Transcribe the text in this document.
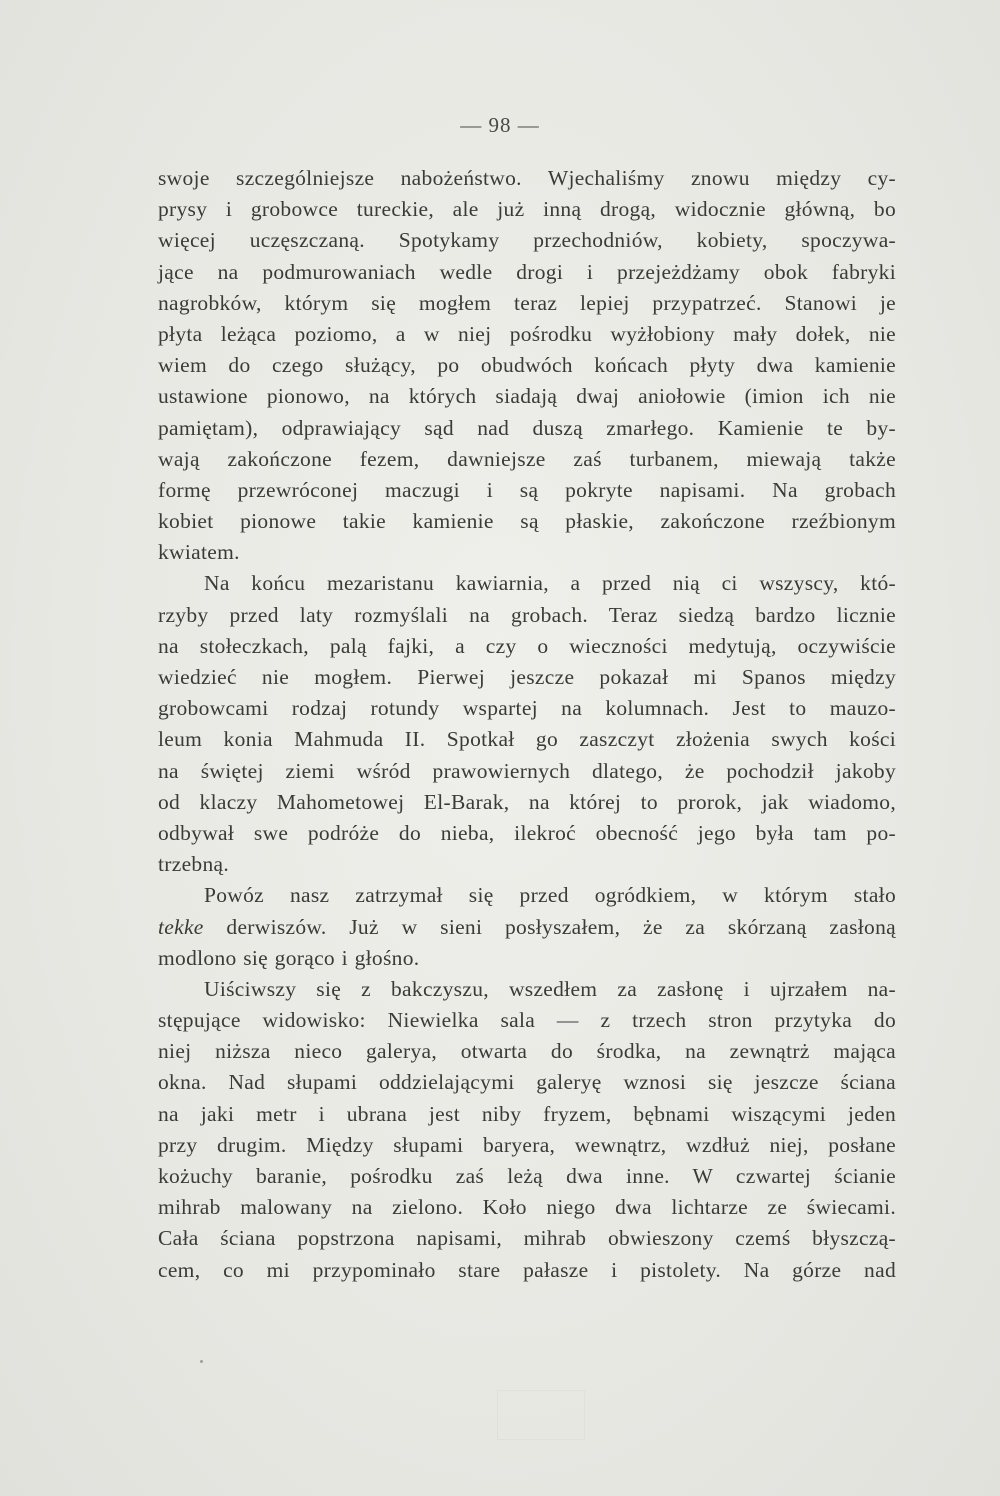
— 98 —
swoje szczególniejsze nabożeństwo. Wjechaliśmy znowu między cy-
prysy i grobowce tureckie, ale już inną drogą, widocznie główną, bo
więcej uczęszczaną. Spotykamy przechodniów, kobiety, spoczywa-
jące na podmurowaniach wedle drogi i przejeżdżamy obok fabryki
nagrobków, którym się mogłem teraz lepiej przypatrzeć. Stanowi je
płyta leżąca poziomo, a w niej pośrodku wyżłobiony mały dołek, nie
wiem do czego służący, po obudwóch końcach płyty dwa kamienie
ustawione pionowo, na których siadają dwaj aniołowie (imion ich nie
pamiętam), odprawiający sąd nad duszą zmarłego. Kamienie te by-
wają zakończone fezem, dawniejsze zaś turbanem, miewają także
formę przewróconej maczugi i są pokryte napisami. Na grobach
kobiet pionowe takie kamienie są płaskie, zakończone rzeźbionym
kwiatem.
Na końcu mezaristanu kawiarnia, a przed nią ci wszyscy, któ-
rzyby przed laty rozmyślali na grobach. Teraz siedzą bardzo licznie
na stołeczkach, palą fajki, a czy o wieczności medytują, oczywiście
wiedzieć nie mogłem. Pierwej jeszcze pokazał mi Spanos między
grobowcami rodzaj rotundy wspartej na kolumnach. Jest to mauzo-
leum konia Mahmuda II. Spotkał go zaszczyt złożenia swych kości
na świętej ziemi wśród prawowiernych dlatego, że pochodził jakoby
od klaczy Mahometowej El-Barak, na której to prorok, jak wiadomo,
odbywał swe podróże do nieba, ilekroć obecność jego była tam po-
trzebną.
Powóz nasz zatrzymał się przed ogródkiem, w którym stało
tekke derwiszów. Już w sieni posłyszałem, że za skórzaną zasłoną
modlono się gorąco i głośno.
Uiściwszy się z bakczyszu, wszedłem za zasłonę i ujrzałem na-
stępujące widowisko: Niewielka sala — z trzech stron przytyka do
niej niższa nieco galerya, otwarta do środka, na zewnątrż mająca
okna. Nad słupami oddzielającymi galeryę wznosi się jeszcze ściana
na jaki metr i ubrana jest niby fryzem, bębnami wiszącymi jeden
przy drugim. Między słupami baryera, wewnątrz, wzdłuż niej, posłane
kożuchy baranie, pośrodku zaś leżą dwa inne. W czwartej ścianie
mihrab malowany na zielono. Koło niego dwa lichtarze ze świecami.
Cała ściana popstrzona napisami, mihrab obwieszony czemś błyszczą-
cem, co mi przypominało stare pałasze i pistolety. Na górze nad
